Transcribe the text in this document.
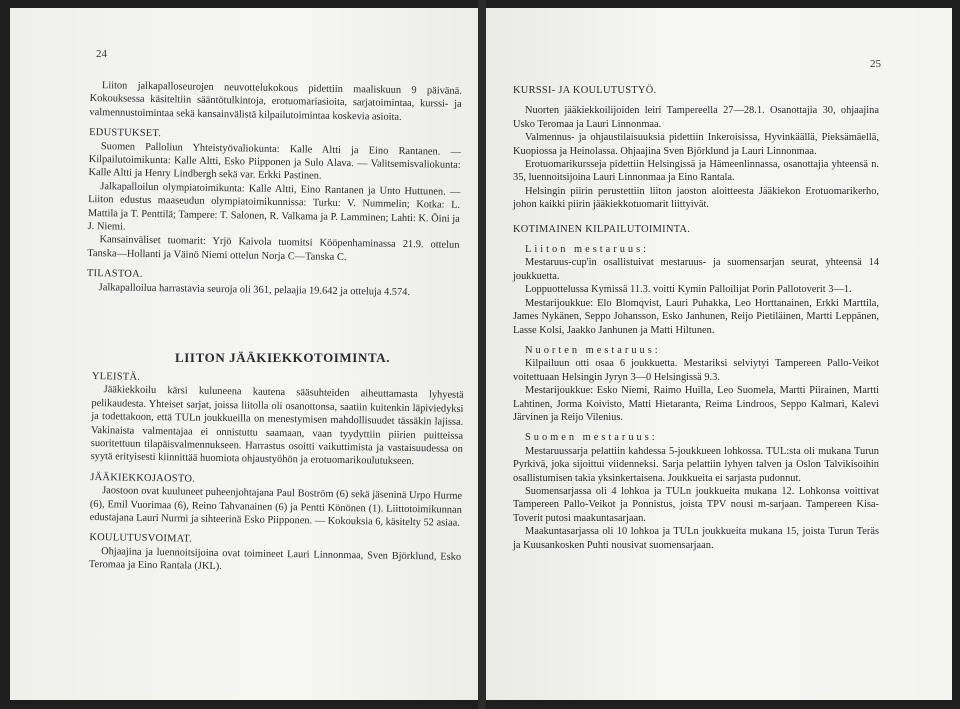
24

Liiton jalkapalloseurojen neuvottelukokous pidettiin maaliskuun 9 päivänä. Kokouksessa käsiteltiin sääntötulkintoja, erotuomariasioita, sarjatoimintaa, kurssi- ja valmennustoimintaa sekä kansainvälistä kilpailutoimintaa koskevia asioita.

EDUSTUKSET.

Suomen Palloliun Yhteistyövaliokunta: Kalle Altti ja Eino Rantanen. — Kilpailutoimikunta: Kalle Altti, Esko Piipponen ja Sulo Alava. — Valitsemisvaliokunta: Kalle Altti ja Henry Lindbergh sekä var. Erkki Pastinen.

Jalkapalloilun olympiatoimikunta: Kalle Altti, Eino Rantanen ja Unto Huttunen. — Liiton edustus maaseudun olympiatoimikunnissa: Turku: V. Nummelin; Kotka: L. Mattila ja T. Penttilä; Tampere: T. Salonen, R. Valkama ja P. Lamminen; Lahti: K. Öini ja J. Niemi.

Kansainväliset tuomarit: Yrjö Kaivola tuomitsi Kööpenhaminassa 21.9. ottelun Tanska—Hollanti ja Väinö Niemi ottelun Norja C—Tanska C.

TILASTOA.

Jalkapalloilua harrastavia seuroja oli 361, pelaajia 19.642 ja otteluja 4.574.

LIITON JÄÄKIEKKOTOIMINTA.

YLEISTÄ.

Jääkiekkoilu kärsi kuluneena kautena sääsuhteiden aiheuttamasta lyhyestä pelikaudesta. Yhteiset sarjat, joissa liitolla oli osanottonsa, saatiin kuitenkin läpiviedyksi ja todettakoon, että TULn joukkueilla on menestymisen mahdollisuudet tässäkin lajissa. Vakinaista valmentajaa ei onnistuttu saamaan, vaan tyydyttiin piirien puitteissa suoritettuun tilapäisvalmennukseen. Harrastus osoitti vaikuttimista ja vastaisuudessa on syytä erityisesti kiinnittää huomiota ohjaustyöhön ja erotuomarikoulutukseen.

JÄÄKIEKKOJAOSTO.

Jaostoon ovat kuuluneet puheenjohtajana Paul Boström (6) sekä jäseninä Urpo Hurme (6), Emil Vuorimaa (6), Reino Tahvanainen (6) ja Pentti Könönen (1). Liittotoimikunnan edustajana Lauri Nurmi ja sihteerinä Esko Piipponen. — Kokouksia 6, käsitelty 52 asiaa.

KOULUTUSVOIMAT.

Ohjaajina ja luennoitsijoina ovat toimineet Lauri Linnonmaa, Sven Björklund, Esko Teromaa ja Eino Rantala (JKL).

25

KURSSI- JA KOULUTUSTYÖ.

Nuorten jääkiekkoilijoiden leiri Tampereella 27—28.1. Osanottajia 30, ohjaajina Usko Teromaa ja Lauri Linnonmaa.

Valmennus- ja ohjaustilaisuuksia pidettiin Inkeroisissa, Hyvinkäällä, Pieksämäellä, Kuopiossa ja Heinolassa. Ohjaajina Sven Björklund ja Lauri Linnonmaa.

Erotuomarikursseja pidettiin Helsingissä ja Hämeenlinnassa, osanottajia yhteensä n. 35, luennoitsijoina Lauri Linnonmaa ja Eino Rantala.

Helsingin piirin perustettiin liiton jaoston aloitteesta Jääkiekon Erotuomarikerho, johon kaikki piirin jääkiekkotuomarit liittyivät.

KOTIMAINEN KILPAILUTOIMINTA.

Liiton mestaruus:

Mestaruus-cup'in osallistuivat mestaruus- ja suomensarjan seurat, yhteensä 14 joukkuetta.

Loppuottelussa Kymissä 11.3. voitti Kymin Palloilijat Porin Pallotoverit 3—1.

Mestarijoukkue: Elo Blomqvist, Lauri Puhakka, Leo Horttanainen, Erkki Marttila, James Nykänen, Seppo Johansson, Esko Janhunen, Reijo Pietiläinen, Martti Leppänen, Lasse Kolsi, Jaakko Janhunen ja Matti Hiltunen.

Nuorten mestaruus:

Kilpailuun otti osaa 6 joukkuetta. Mestariksi selviytyi Tampereen Pallo-Veikot voitettuaan Helsingin Jyryn 3—0 Helsingissä 9.3.

Mestarijoukkue: Esko Niemi, Raimo Huilla, Leo Suomela, Martti Piirainen, Martti Lahtinen, Jorma Koivisto, Matti Hietaranta, Reima Lindroos, Seppo Kalmari, Kalevi Järvinen ja Reijo Vilenius.

Suomen mestaruus:

Mestaruussarja pelattiin kahdessa 5-joukkueen lohkossa. TUL:sta oli mukana Turun Pyrkivä, joka sijoittui viidenneksi. Sarja pelattiin lyhyen talven ja Oslon Talvikisoihin osallistumisen takia yksinkertaisena. Joukkueita ei sarjasta pudonnut.

Suomensarjassa oli 4 lohkoa ja TULn joukkueita mukana 12. Lohkonsa voittivat Tampereen Pallo-Veikot ja Ponnistus, joista TPV nousi m-sarjaan. Tampereen Kisa-Toverit putosi maakuntasarjaan.

Maakuntasarjassa oli 10 lohkoa ja TULn joukkueita mukana 15, joista Turun Teräs ja Kuusankosken Puhti nousivat suomensarjaan.
